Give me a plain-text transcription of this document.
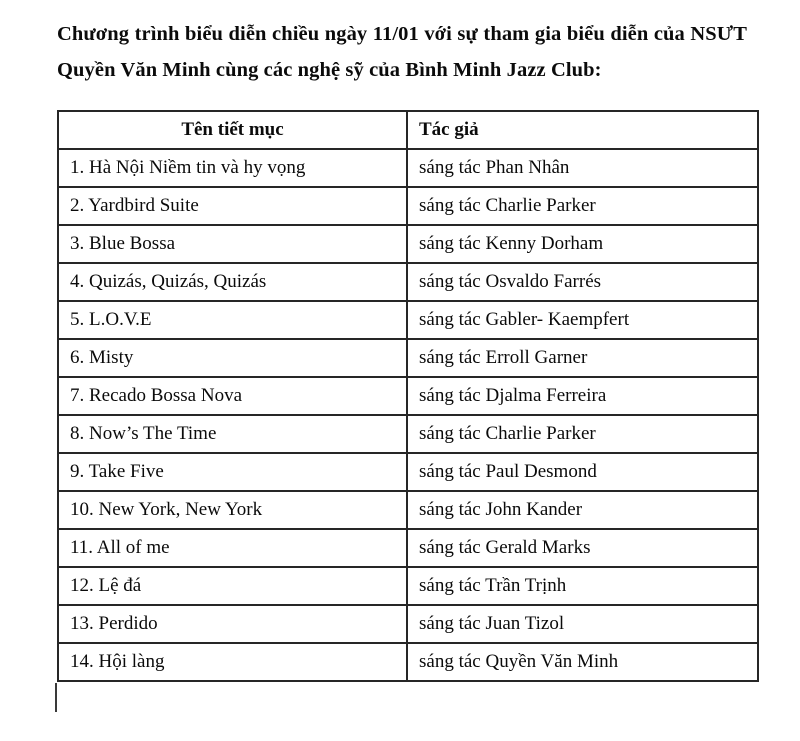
Chương trình biểu diễn chiều ngày 11/01 với sự tham gia biểu diễn của NSƯT Quyền Văn Minh cùng các nghệ sỹ của Bình Minh Jazz Club:

Tên tiết mục	Tác giả
1. Hà Nội Niềm tin và hy vọng	sáng tác Phan Nhân
2. Yardbird Suite	sáng tác Charlie Parker
3. Blue Bossa	sáng tác Kenny Dorham
4. Quizás, Quizás, Quizás	sáng tác Osvaldo Farrés
5. L.O.V.E	sáng tác Gabler- Kaempfert
6. Misty	sáng tác Erroll Garner
7. Recado Bossa Nova	sáng tác Djalma Ferreira
8. Now’s The Time	sáng tác Charlie Parker
9. Take Five	sáng tác Paul Desmond
10. New York, New York	sáng tác John Kander
11. All of me	sáng tác Gerald Marks
12. Lệ đá	sáng tác Trần Trịnh
13. Perdido	sáng tác Juan Tizol
14. Hội làng	sáng tác Quyền Văn Minh
